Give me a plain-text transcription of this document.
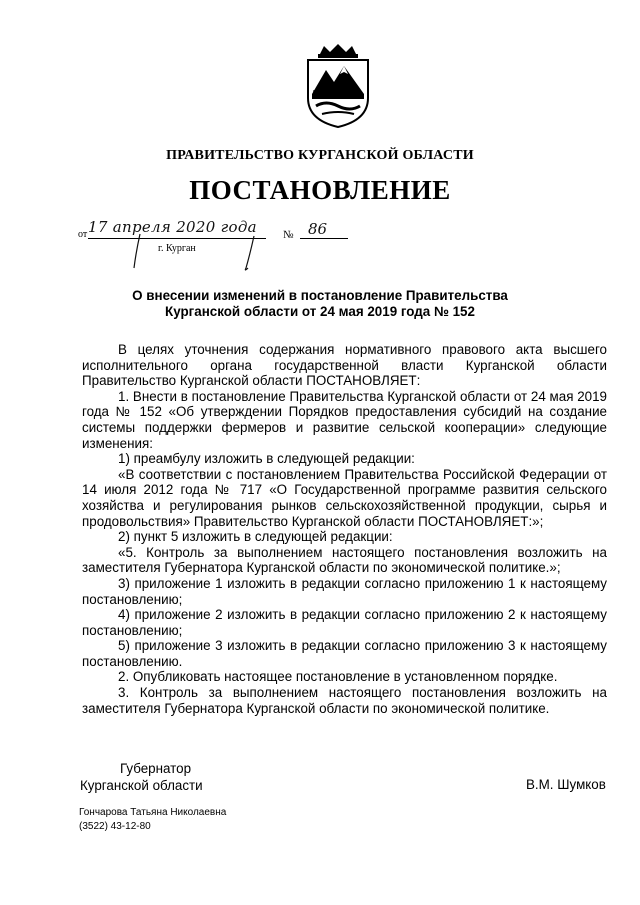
ПРАВИТЕЛЬСТВО КУРГАНСКОЙ ОБЛАСТИ
ПОСТАНОВЛЕНИЕ
от 17 апреля 2020 года № 86
г. Курган
О внесении изменений в постановление Правительства
Курганской области от 24 мая 2019 года № 152

В целях уточнения содержания нормативного правового акта высшего исполнительного органа государственной власти Курганской области Правительство Курганской области ПОСТАНОВЛЯЕТ:

1. Внести в постановление Правительства Курганской области от 24 мая 2019 года № 152 «Об утверждении Порядков предоставления субсидий на создание системы поддержки фермеров и развитие сельской кооперации» следующие изменения:

1) преамбулу изложить в следующей редакции:

«В соответствии с постановлением Правительства Российской Федерации от 14 июля 2012 года № 717 «О Государственной программе развития сельского хозяйства и регулирования рынков сельскохозяйственной продукции, сырья и продовольствия» Правительство Курганской области ПОСТАНОВЛЯЕТ:»;

2) пункт 5 изложить в следующей редакции:

«5. Контроль за выполнением настоящего постановления возложить на заместителя Губернатора Курганской области по экономической политике.»;

3) приложение 1 изложить в редакции согласно приложению 1 к настоящему постановлению;

4) приложение 2 изложить в редакции согласно приложению 2 к настоящему постановлению;

5) приложение 3 изложить в редакции согласно приложению 3 к настоящему постановлению.

2. Опубликовать настоящее постановление в установленном порядке.

3. Контроль за выполнением настоящего постановления возложить на заместителя Губернатора Курганской области по экономической политике.

Губернатор
Курганской области	В.М. Шумков
Гончарова Татьяна Николаевна
(3522) 43-12-80
